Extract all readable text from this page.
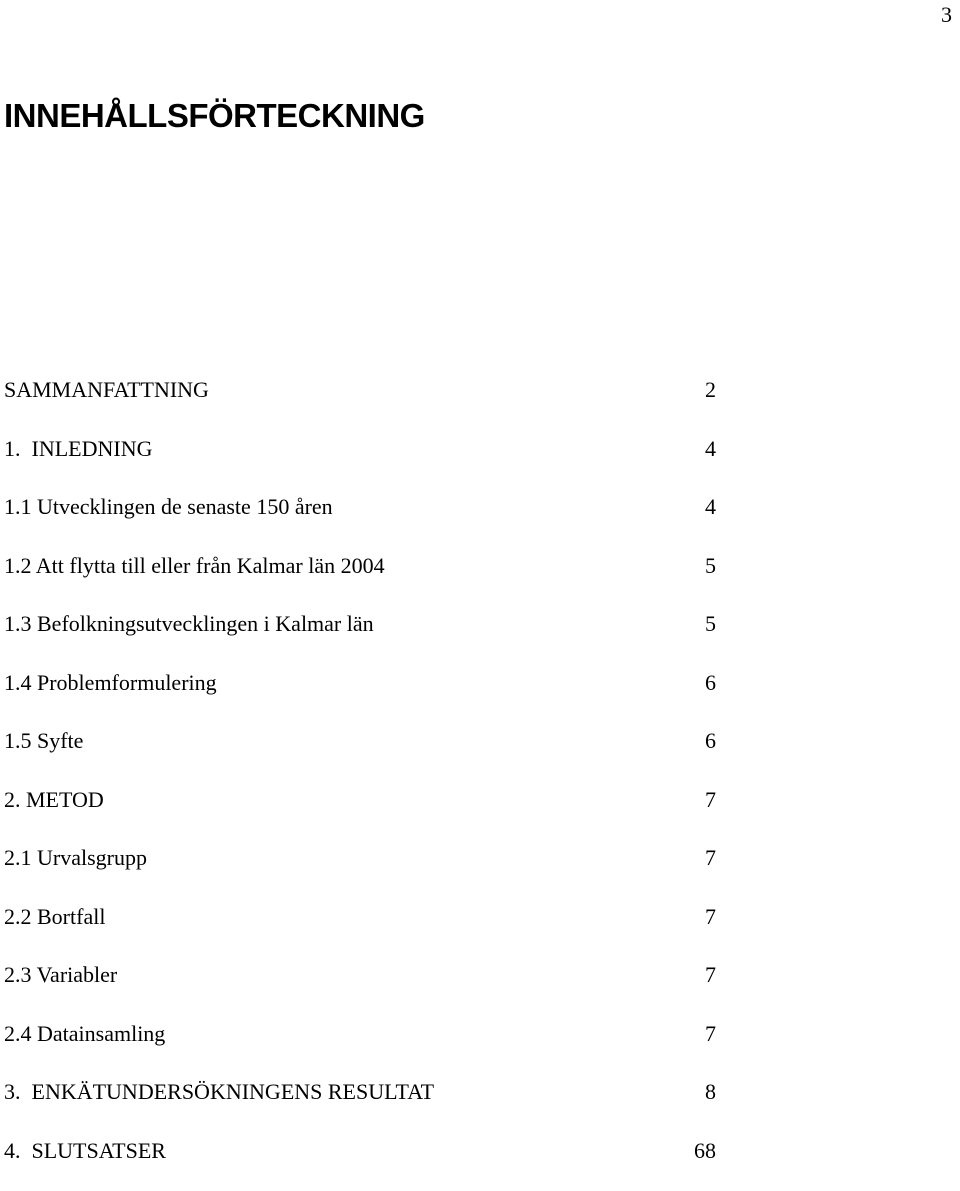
3
INNEHÅLLSFÖRTECKNING
SAMMANFATTNING	2
1.  INLEDNING	4
1.1 Utvecklingen de senaste 150 åren	4
1.2 Att flytta till eller från Kalmar län 2004	5
1.3 Befolkningsutvecklingen i Kalmar län	5
1.4 Problemformulering	6
1.5 Syfte	6
2. METOD	7
2.1 Urvalsgrupp	7
2.2 Bortfall	7
2.3 Variabler	7
2.4 Datainsamling	7
3.  ENKÄTUNDERSÖKNINGENS RESULTAT	8
4.  SLUTSATSER	68
